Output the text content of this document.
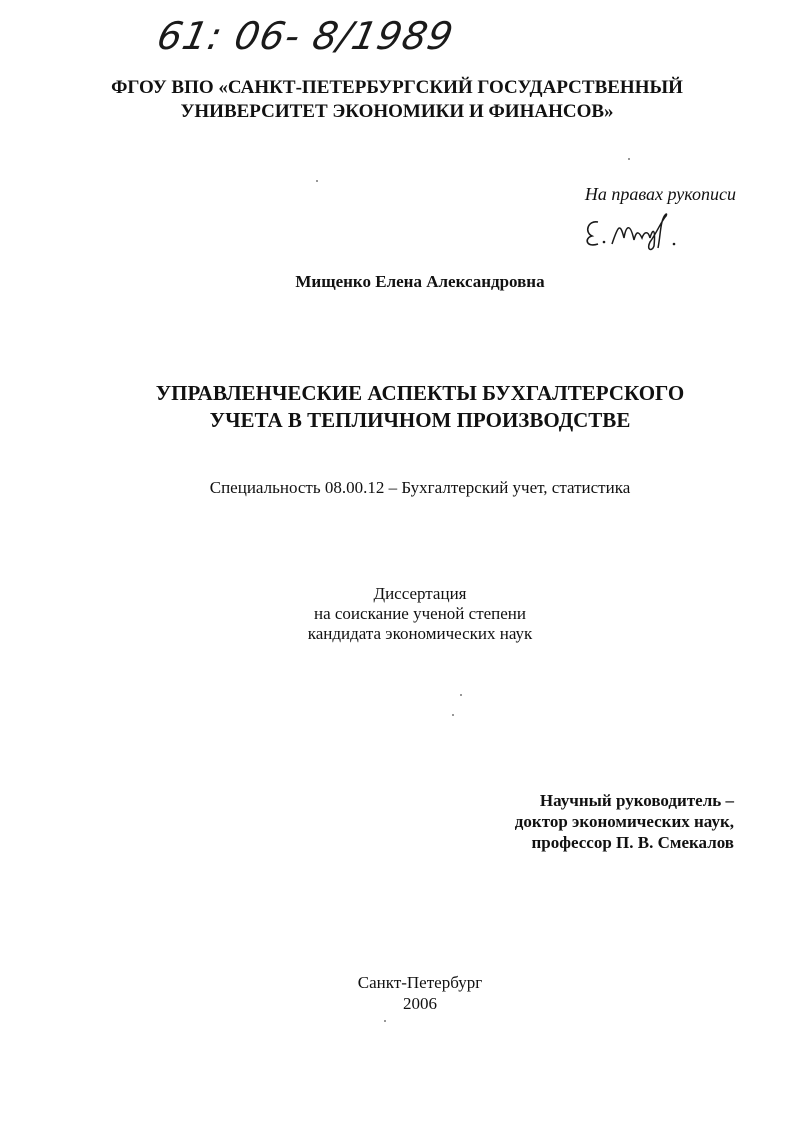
61: 06- 8/1989
ФГОУ ВПО «САНКТ-ПЕТЕРБУРГСКИЙ ГОСУДАРСТВЕННЫЙ
УНИВЕРСИТЕТ ЭКОНОМИКИ И ФИНАНСОВ»
На правах рукописи
Мищенко Елена Александровна
УПРАВЛЕНЧЕСКИЕ АСПЕКТЫ БУХГАЛТЕРСКОГО
УЧЕТА В ТЕПЛИЧНОМ ПРОИЗВОДСТВЕ
Специальность 08.00.12 – Бухгалтерский учет, статистика
Диссертация
на соискание ученой степени
кандидата экономических наук
Научный руководитель –
доктор экономических наук,
профессор П. В. Смекалов
Санкт-Петербург
2006
